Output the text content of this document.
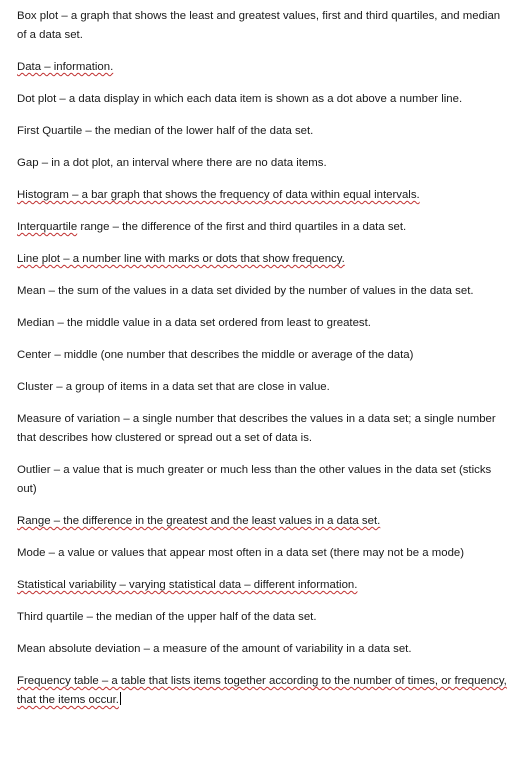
Box plot – a graph that shows the least and greatest values, first and third quartiles, and median of a data set.

Data – information.

Dot plot – a data display in which each data item is shown as a dot above a number line.

First Quartile – the median of the lower half of the data set.

Gap – in a dot plot, an interval where there are no data items.

Histogram – a bar graph that shows the frequency of data within equal intervals.

Interquartile range – the difference of the first and third quartiles in a data set.

Line plot – a number line with marks or dots that show frequency.

Mean – the sum of the values in a data set divided by the number of values in the data set.

Median – the middle value in a data set ordered from least to greatest.

Center – middle (one number that describes the middle or average of the data)

Cluster – a group of items in a data set that are close in value.

Measure of variation – a single number that describes the values in a data set; a single number that describes how clustered or spread out a set of data is.

Outlier – a value that is much greater or much less than the other values in the data set (sticks out)

Range – the difference in the greatest and the least values in a data set.

Mode – a value or values that appear most often in a data set (there may not be a mode)

Statistical variability – varying statistical data – different information.

Third quartile – the median of the upper half of the data set.

Mean absolute deviation – a measure of the amount of variability in a data set.

Frequency table – a table that lists items together according to the number of times, or frequency, that the items occur.
